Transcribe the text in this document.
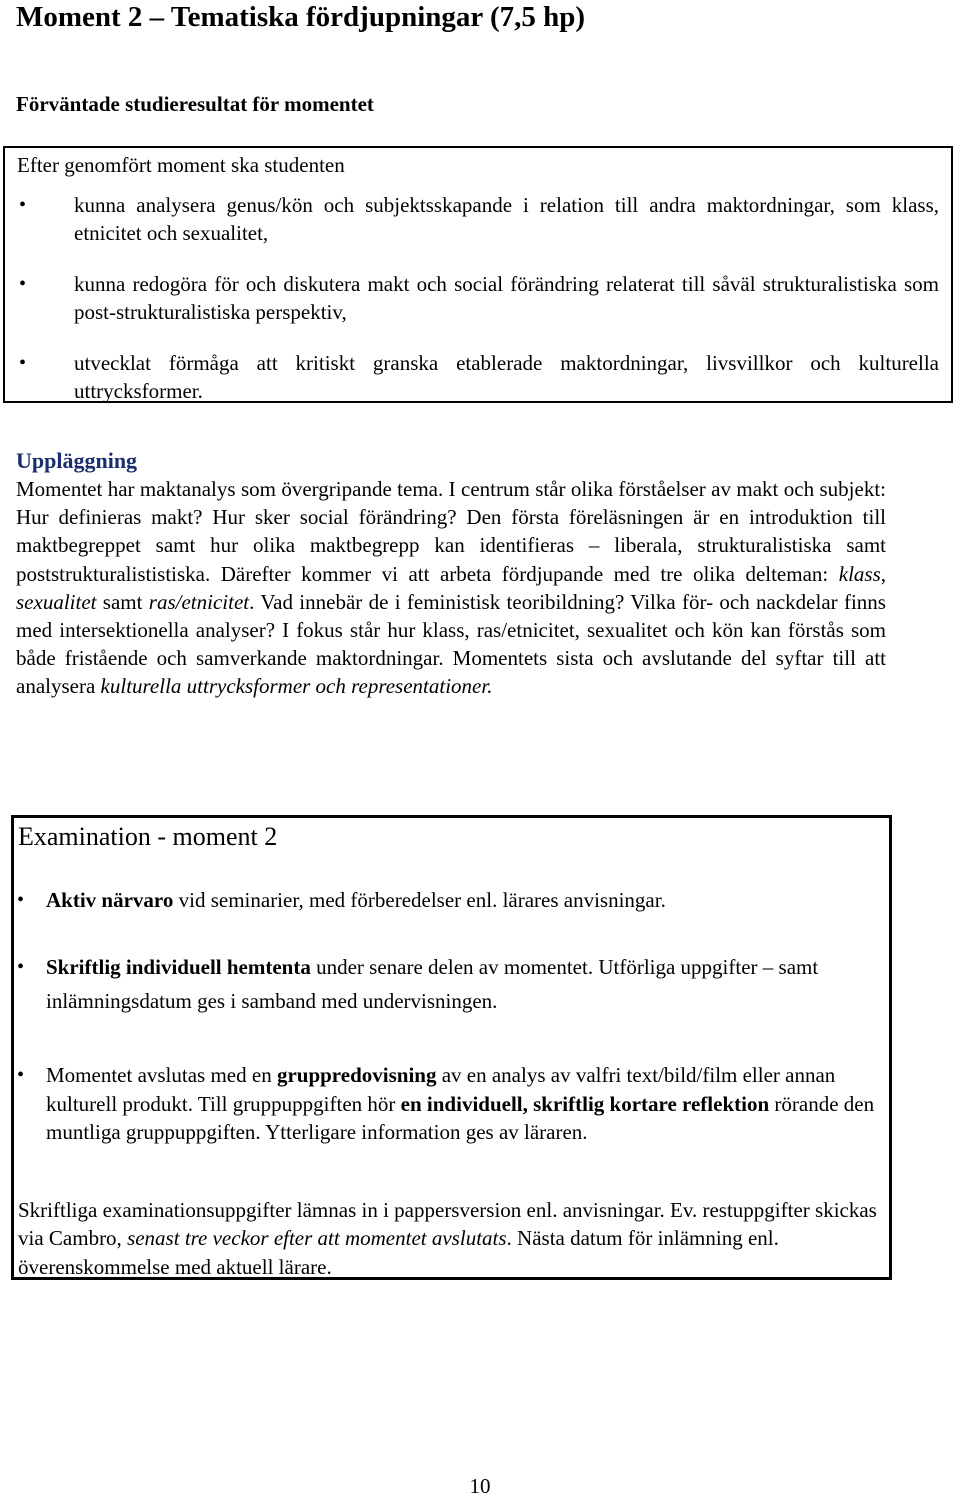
Moment 2 – Tematiska fördjupningar (7,5 hp)
Förväntade studieresultat för momentet

Efter genomfört moment ska studenten

• kunna analysera genus/kön och subjektsskapande i relation till andra maktordningar, som klass, etnicitet och sexualitet,
• kunna redogöra för och diskutera makt och social förändring relaterat till såväl strukturalistiska som post-strukturalistiska perspektiv,
• utvecklat förmåga att kritiskt granska etablerade maktordningar, livsvillkor och kulturella uttrycksformer.
Uppläggning

Momentet har maktanalys som övergripande tema. I centrum står olika förståelser av makt och subjekt: Hur definieras makt? Hur sker social förändring? Den första föreläsningen är en introduktion till maktbegreppet samt hur olika maktbegrepp kan identifieras – liberala, strukturalistiska samt poststrukturalististiska. Därefter kommer vi att arbeta fördjupande med tre olika delteman: klass, sexualitet samt ras/etnicitet. Vad innebär de i feministisk teoribildning? Vilka för- och nackdelar finns med intersektionella analyser? I fokus står hur klass, ras/etnicitet, sexualitet och kön kan förstås som både fristående och samverkande maktordningar. Momentets sista och avslutande del syftar till att analysera kulturella uttrycksformer och representationer.

Examination - moment 2
• Aktiv närvaro vid seminarier, med förberedelser enl. lärares anvisningar.
• Skriftlig individuell hemtenta under senare delen av momentet. Utförliga uppgifter – samt inlämningsdatum ges i samband med undervisningen.
• Momentet avslutas med en gruppredovisning av en analys av valfri text/bild/film eller annan kulturell produkt. Till gruppuppgiften hör en individuell, skriftlig kortare reflektion rörande den muntliga gruppuppgiften. Ytterligare information ges av läraren.

Skriftliga examinationsuppgifter lämnas in i pappersversion enl. anvisningar. Ev. restuppgifter skickas via Cambro, senast tre veckor efter att momentet avslutats. Nästa datum för inlämning enl. överenskommelse med aktuell lärare.

10
